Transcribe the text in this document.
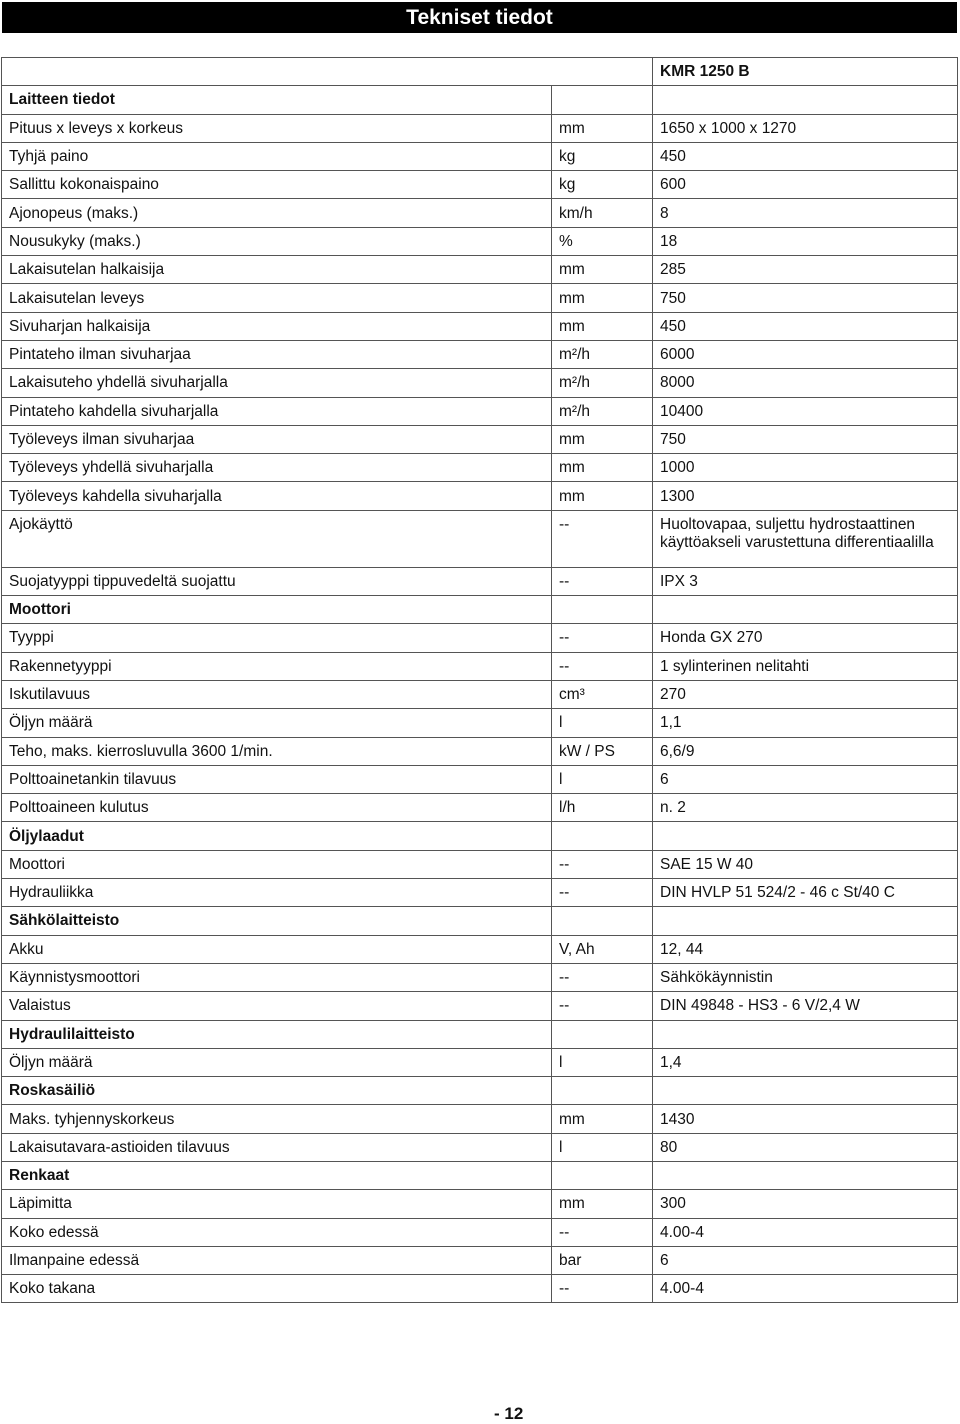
Tekniset tiedot
		KMR 1250 B
Laitteen tiedot		
Pituus x leveys x korkeus	mm	1650 x 1000 x 1270
Tyhjä paino	kg	450
Sallittu kokonaispaino	kg	600
Ajonopeus (maks.)	km/h	8
Nousukyky (maks.)	%	18
Lakaisutelan halkaisija	mm	285
Lakaisutelan leveys	mm	750
Sivuharjan halkaisija	mm	450
Pintateho ilman sivuharjaa	m²/h	6000
Lakaisuteho yhdellä sivuharjalla	m²/h	8000
Pintateho kahdella sivuharjalla	m²/h	10400
Työleveys ilman sivuharjaa	mm	750
Työleveys yhdellä sivuharjalla	mm	1000
Työleveys kahdella sivuharjalla	mm	1300
Ajokäyttö	--	Huoltovapaa, suljettu hydrostaattinen käyttöakseli varustettuna differentiaalilla
Suojatyyppi tippuvedeltä suojattu	--	IPX 3
Moottori		
Tyyppi	--	Honda GX 270
Rakennetyyppi	--	1 sylinterinen nelitahti
Iskutilavuus	cm³	270
Öljyn määrä	l	1,1
Teho, maks. kierrosluvulla 3600 1/min.	kW / PS	6,6/9
Polttoainetankin tilavuus	l	6
Polttoaineen kulutus	l/h	n. 2
Öljylaadut		
Moottori	--	SAE 15 W 40
Hydrauliikka	--	DIN HVLP 51 524/2 - 46 c St/40 C
Sähkölaitteisto		
Akku	V, Ah	12, 44
Käynnistysmoottori	--	Sähkökäynnistin
Valaistus	--	DIN 49848 - HS3 - 6 V/2,4 W
Hydraulilaitteisto		
Öljyn määrä	l	1,4
Roskasäiliö		
Maks. tyhjennyskorkeus	mm	1430
Lakaisutavara-astioiden tilavuus	l	80
Renkaat		
Läpimitta	mm	300
Koko edessä	--	4.00-4
Ilmanpaine edessä	bar	6
Koko takana	--	4.00-4
- 12
